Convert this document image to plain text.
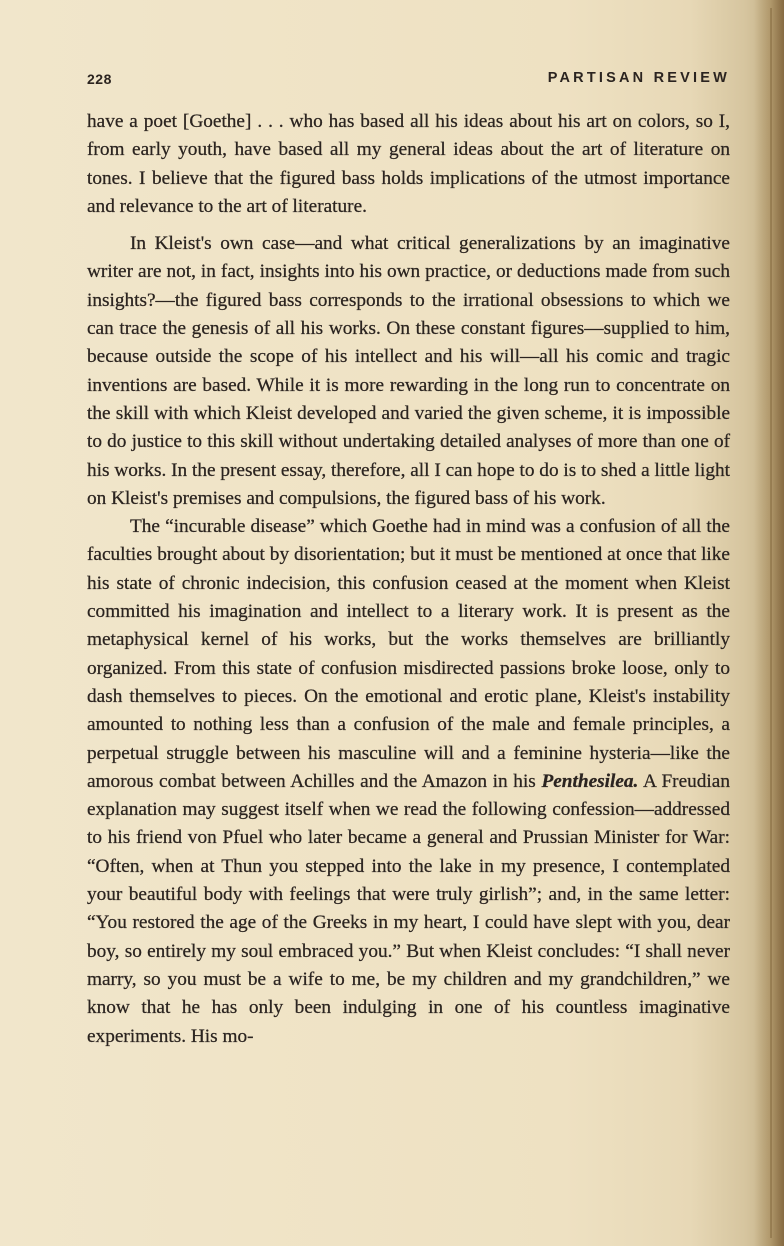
228	PARTISAN REVIEW

have a poet [Goethe] . . . who has based all his ideas about his art on colors, so I, from early youth, have based all my general ideas about the art of literature on tones. I believe that the figured bass holds implications of the utmost importance and relevance to the art of literature.

In Kleist's own case—and what critical generalizations by an imaginative writer are not, in fact, insights into his own practice, or deductions made from such insights?—the figured bass corresponds to the irrational obsessions to which we can trace the genesis of all his works. On these constant figures—supplied to him, because outside the scope of his intellect and his will—all his comic and tragic inventions are based. While it is more rewarding in the long run to concentrate on the skill with which Kleist developed and varied the given scheme, it is impossible to do justice to this skill without undertaking detailed analyses of more than one of his works. In the present essay, therefore, all I can hope to do is to shed a little light on Kleist's premises and compulsions, the figured bass of his work.

The “incurable disease” which Goethe had in mind was a confusion of all the faculties brought about by disorientation; but it must be mentioned at once that like his state of chronic indecision, this confusion ceased at the moment when Kleist committed his imagination and intellect to a literary work. It is present as the metaphysical kernel of his works, but the works themselves are brilliantly organized. From this state of confusion misdirected passions broke loose, only to dash themselves to pieces. On the emotional and erotic plane, Kleist's instability amounted to nothing less than a confusion of the male and female principles, a perpetual struggle between his masculine will and a feminine hysteria—like the amorous combat between Achilles and the Amazon in his Penthesilea. A Freudian explanation may suggest itself when we read the following confession—addressed to his friend von Pfuel who later became a general and Prussian Minister for War: “Often, when at Thun you stepped into the lake in my presence, I contemplated your beautiful body with feelings that were truly girlish”; and, in the same letter: “You restored the age of the Greeks in my heart, I could have slept with you, dear boy, so entirely my soul embraced you.” But when Kleist concludes: “I shall never marry, so you must be a wife to me, be my children and my grandchildren,” we know that he has only been indulging in one of his countless imaginative experiments. His mo-
